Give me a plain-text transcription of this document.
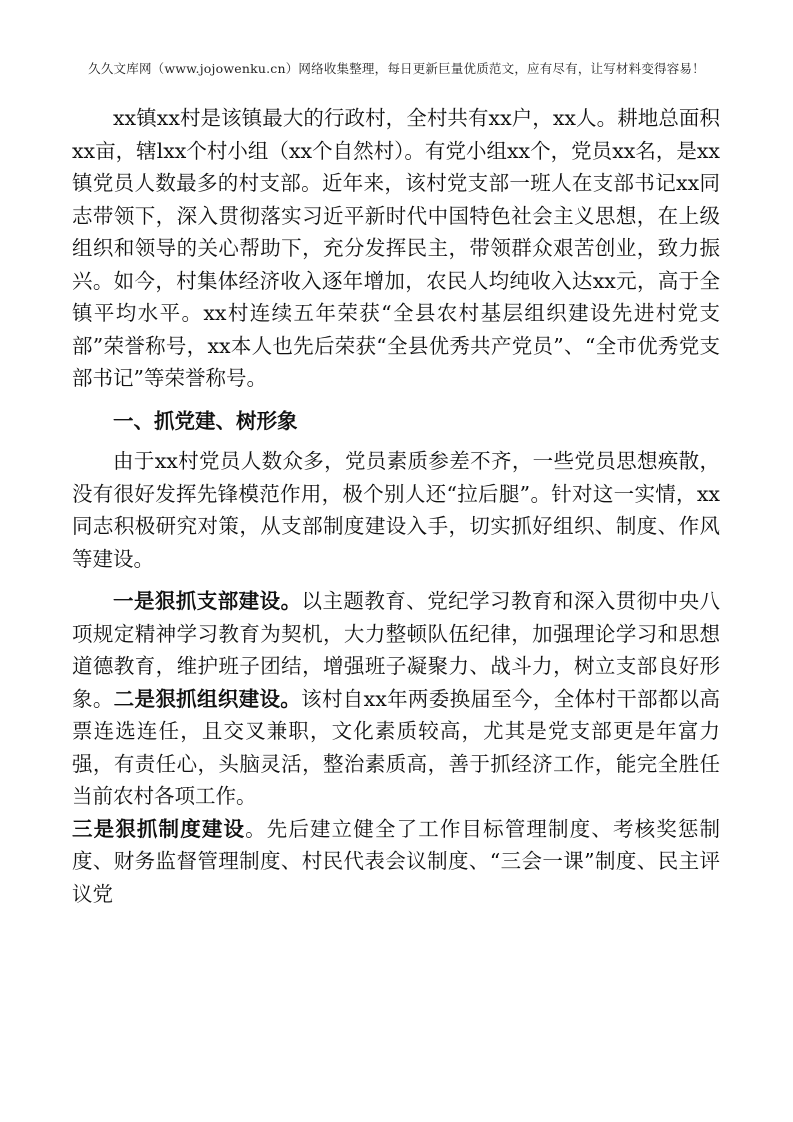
久久文库网（www.jojowenku.cn）网络收集整理，每日更新巨量优质范文，应有尽有，让写材料变得容易！

xx镇xx村是该镇最大的行政村，全村共有xx户，xx人。耕地总面积xx亩，辖lxx个村小组（xx个自然村）。有党小组xx个，党员xx名，是xx镇党员人数最多的村支部。近年来，该村党支部一班人在支部书记xx同志带领下，深入贯彻落实习近平新时代中国特色社会主义思想，在上级组织和领导的关心帮助下，充分发挥民主，带领群众艰苦创业，致力振兴。如今，村集体经济收入逐年增加，农民人均纯收入达xx元，高于全镇平均水平。xx村连续五年荣获“全县农村基层组织建设先进村党支部”荣誉称号，xx本人也先后荣获“全县优秀共产党员”、“全市优秀党支部书记”等荣誉称号。

一、抓党建、树形象

由于xx村党员人数众多，党员素质参差不齐，一些党员思想痪散，没有很好发挥先锋模范作用，极个别人还“拉后腿”。针对这一实情，xx同志积极研究对策，从支部制度建设入手，切实抓好组织、制度、作风等建设。

一是狠抓支部建设。以主题教育、党纪学习教育和深入贯彻中央八项规定精神学习教育为契机，大力整顿队伍纪律，加强理论学习和思想道德教育，维护班子团结，增强班子凝聚力、战斗力，树立支部良好形象。二是狠抓组织建设。该村自xx年两委换届至今，全体村干部都以高票连选连任，且交叉兼职，文化素质较高，尤其是党支部更是年富力强，有责任心，头脑灵活，整治素质高，善于抓经济工作，能完全胜任当前农村各项工作。
三是狠抓制度建设。先后建立健全了工作目标管理制度、考核奖惩制度、财务监督管理制度、村民代表会议制度、“三会一课”制度、民主评议党
